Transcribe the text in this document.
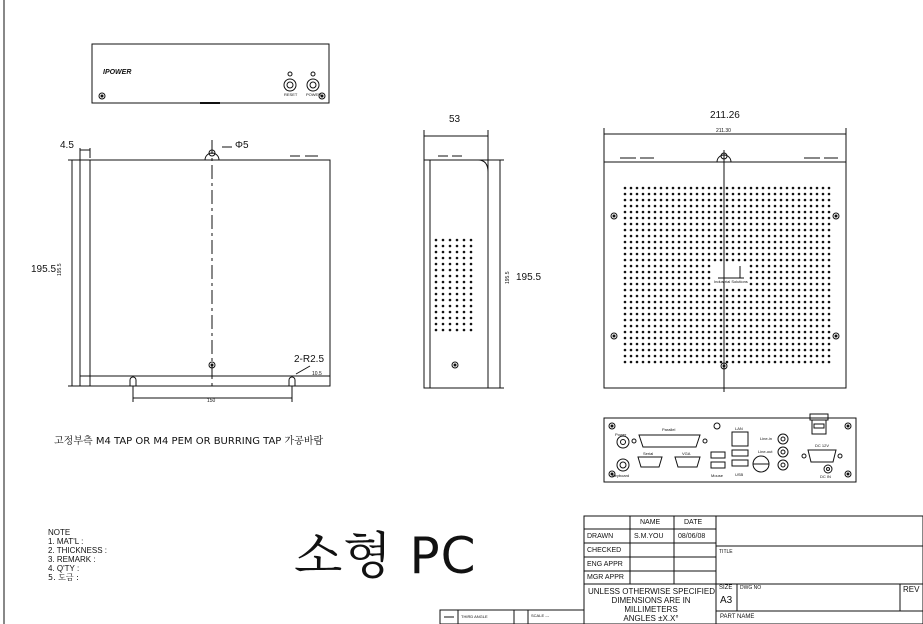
IPOWER
RESET POWER
4.5	Φ5
195.5 195.5
2-R2.5
10.5
150
53
195.5
195.5
211.26
211.30
Industrial Solutions
Parallel
Serial	VGA
Power
Keyboard	Mouse
LAN
USB
Line-in
Line-out
DC 12V
DC IN
고정부측 M4 TAP OR M4 PEM OR BURRING TAP 가공바람
NOTE
1. MAT'L :
2. THICKNESS :
3. REMARK :
4. Q'TY :
5. 도금 :	소형 PC
NAME	DATE
DRAWN	S.M.YOU 08/06/08
CHECKED
ENG APPR
MGR APPR
UNLESS OTHERWISE SPECIFIED
DIMENSIONS ARE IN
MILLIMETERS
ANGLES ±X.X°
TITLE
SIZE
A3
DWG NO	REV
PART NAME
THIRD ANGLE	SCALE ---
